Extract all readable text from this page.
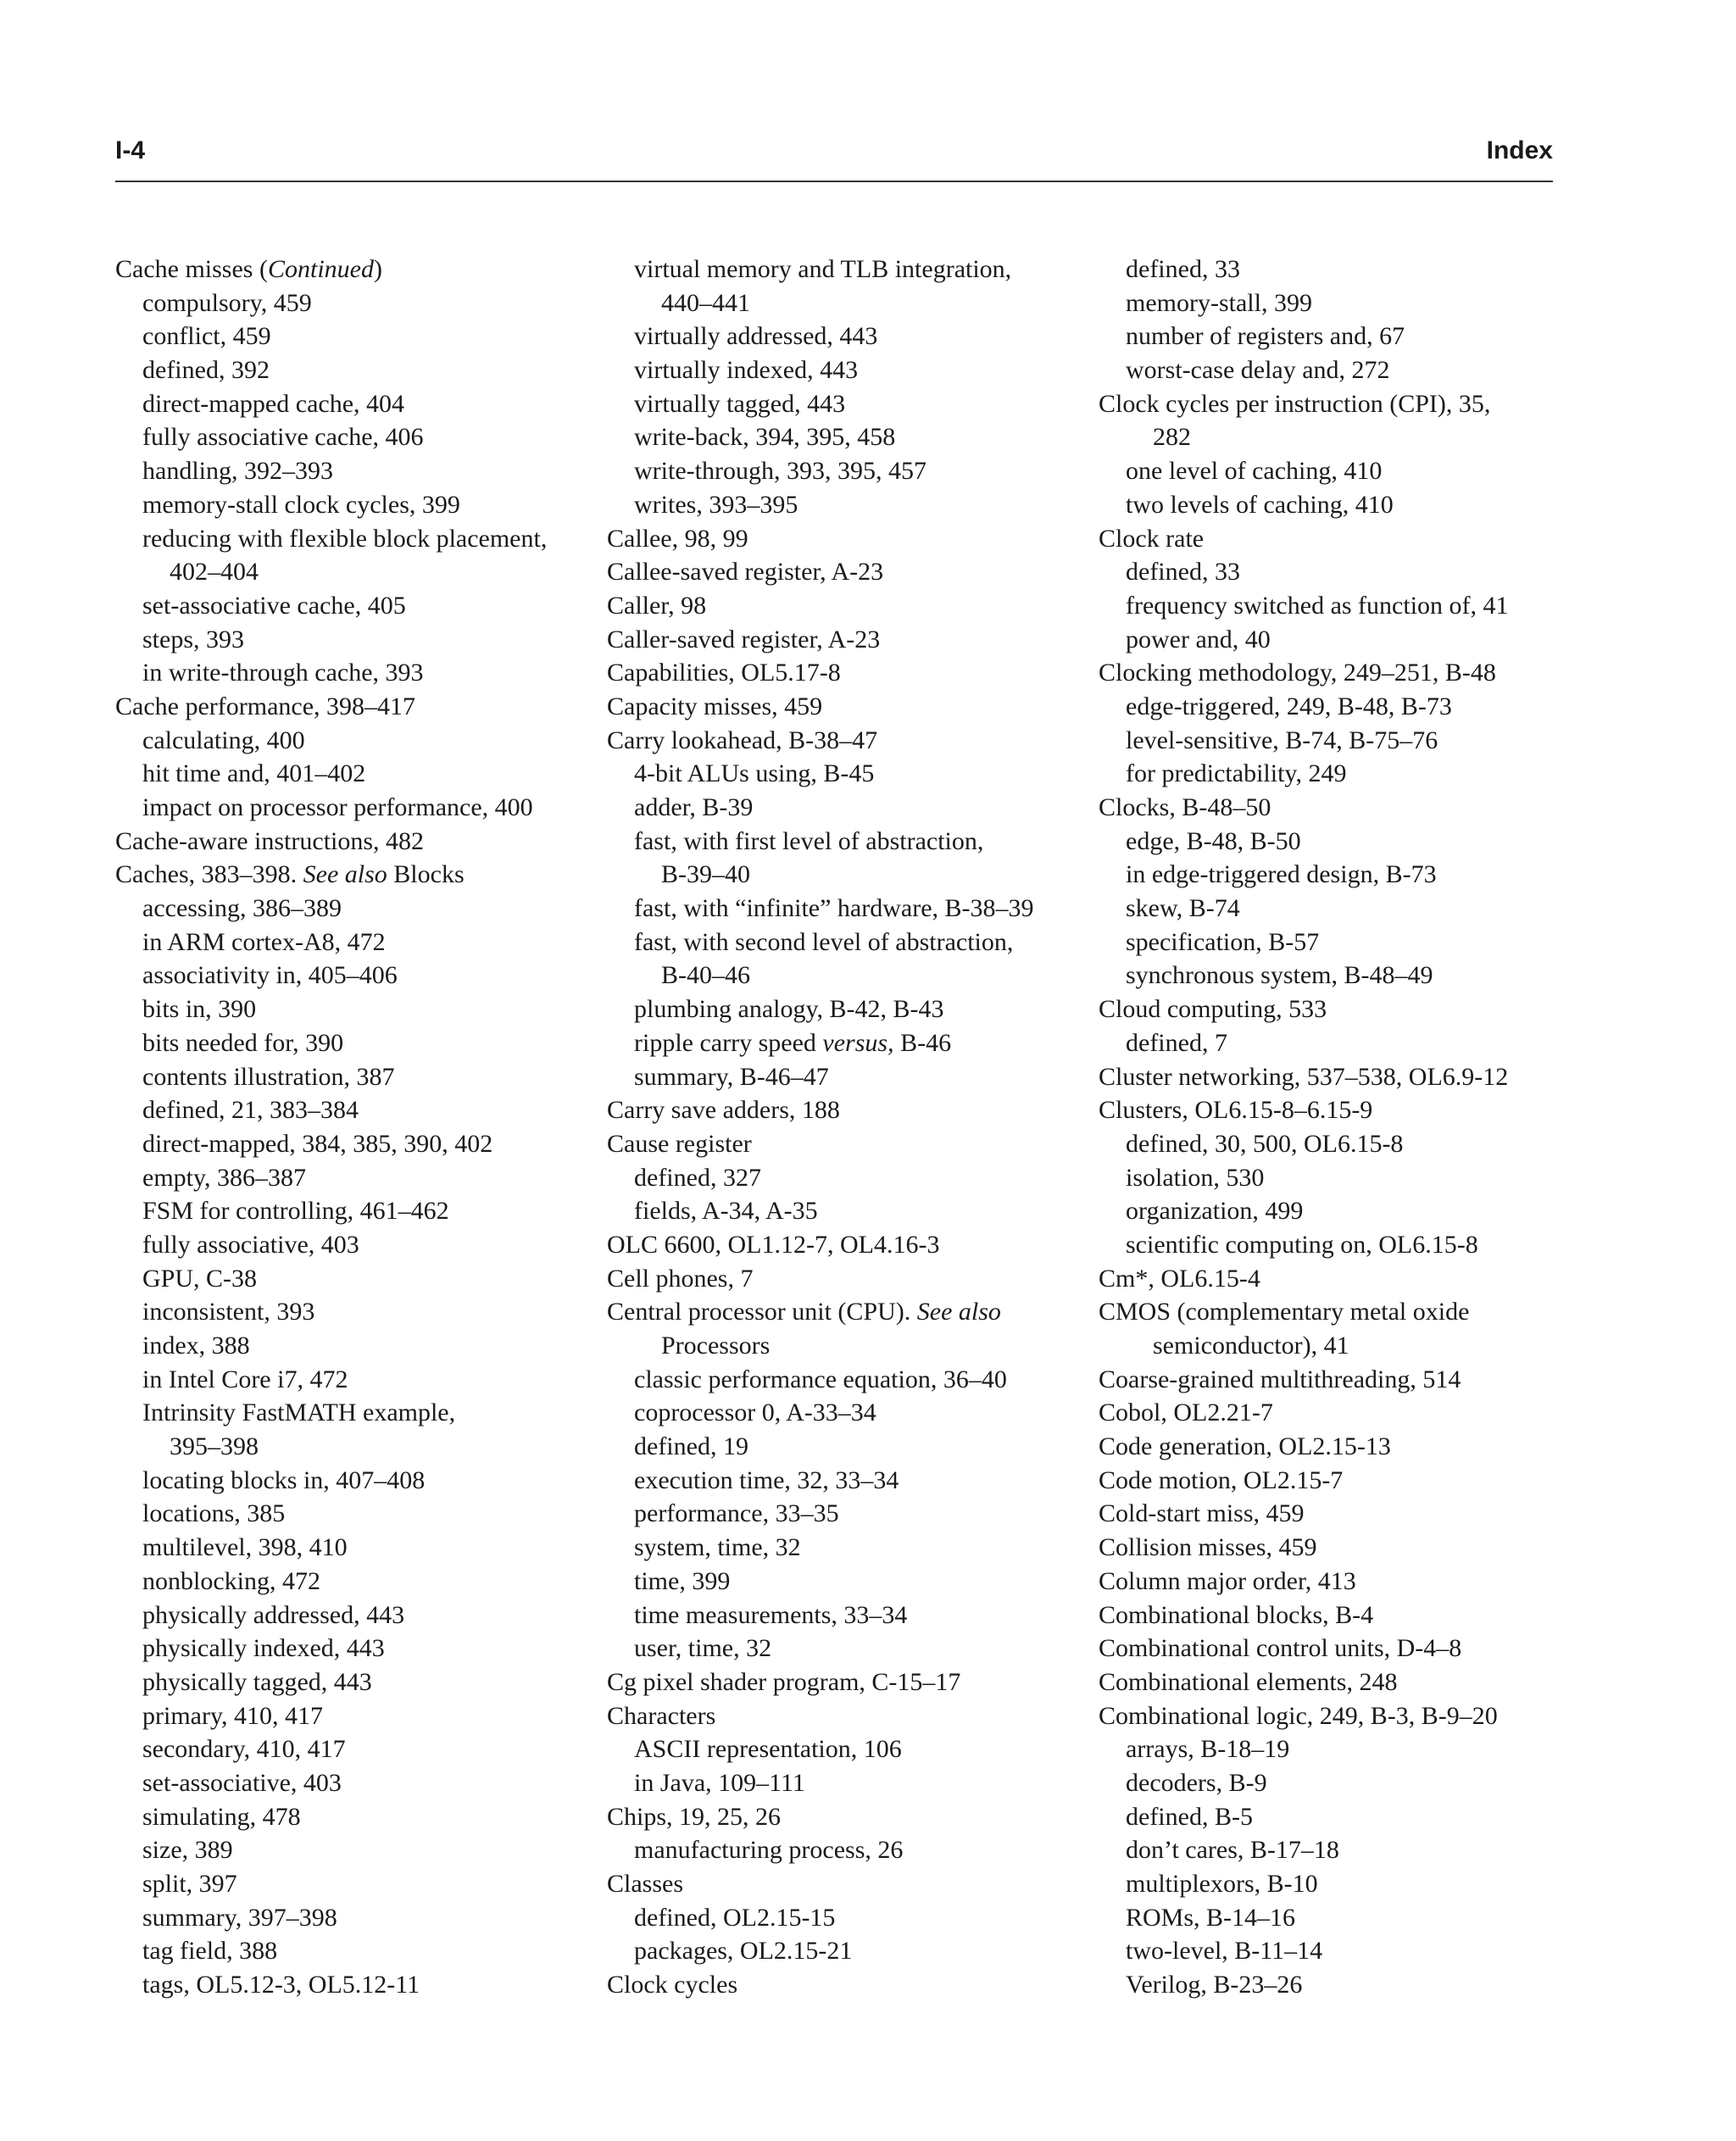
I-4	Index
Cache misses (Continued)
compulsory, 459
conflict, 459
defined, 392
direct-mapped cache, 404
fully associative cache, 406
handling, 392–393
memory-stall clock cycles, 399
reducing with flexible block placement,
402–404
set-associative cache, 405
steps, 393
in write-through cache, 393
Cache performance, 398–417
calculating, 400
hit time and, 401–402
impact on processor performance, 400
Cache-aware instructions, 482
Caches, 383–398. See also Blocks
accessing, 386–389
in ARM cortex-A8, 472
associativity in, 405–406
bits in, 390
bits needed for, 390
contents illustration, 387
defined, 21, 383–384
direct-mapped, 384, 385, 390, 402
empty, 386–387
FSM for controlling, 461–462
fully associative, 403
GPU, C-38
inconsistent, 393
index, 388
in Intel Core i7, 472
Intrinsity FastMATH example,
395–398
locating blocks in, 407–408
locations, 385
multilevel, 398, 410
nonblocking, 472
physically addressed, 443
physically indexed, 443
physically tagged, 443
primary, 410, 417
secondary, 410, 417
set-associative, 403
simulating, 478
size, 389
split, 397
summary, 397–398
tag field, 388
tags, OL5.12-3, OL5.12-11
virtual memory and TLB integration,
440–441
virtually addressed, 443
virtually indexed, 443
virtually tagged, 443
write-back, 394, 395, 458
write-through, 393, 395, 457
writes, 393–395
Callee, 98, 99
Callee-saved register, A-23
Caller, 98
Caller-saved register, A-23
Capabilities, OL5.17-8
Capacity misses, 459
Carry lookahead, B-38–47
4-bit ALUs using, B-45
adder, B-39
fast, with first level of abstraction,
B-39–40
fast, with “infinite” hardware, B-38–39
fast, with second level of abstraction,
B-40–46
plumbing analogy, B-42, B-43
ripple carry speed versus, B-46
summary, B-46–47
Carry save adders, 188
Cause register
defined, 327
fields, A-34, A-35
OLC 6600, OL1.12-7, OL4.16-3
Cell phones, 7
Central processor unit (CPU). See also
Processors
classic performance equation, 36–40
coprocessor 0, A-33–34
defined, 19
execution time, 32, 33–34
performance, 33–35
system, time, 32
time, 399
time measurements, 33–34
user, time, 32
Cg pixel shader program, C-15–17
Characters
ASCII representation, 106
in Java, 109–111
Chips, 19, 25, 26
manufacturing process, 26
Classes
defined, OL2.15-15
packages, OL2.15-21
Clock cycles
defined, 33
memory-stall, 399
number of registers and, 67
worst-case delay and, 272
Clock cycles per instruction (CPI), 35,
282
one level of caching, 410
two levels of caching, 410
Clock rate
defined, 33
frequency switched as function of, 41
power and, 40
Clocking methodology, 249–251, B-48
edge-triggered, 249, B-48, B-73
level-sensitive, B-74, B-75–76
for predictability, 249
Clocks, B-48–50
edge, B-48, B-50
in edge-triggered design, B-73
skew, B-74
specification, B-57
synchronous system, B-48–49
Cloud computing, 533
defined, 7
Cluster networking, 537–538, OL6.9-12
Clusters, OL6.15-8–6.15-9
defined, 30, 500, OL6.15-8
isolation, 530
organization, 499
scientific computing on, OL6.15-8
Cm*, OL6.15-4
CMOS (complementary metal oxide
semiconductor), 41
Coarse-grained multithreading, 514
Cobol, OL2.21-7
Code generation, OL2.15-13
Code motion, OL2.15-7
Cold-start miss, 459
Collision misses, 459
Column major order, 413
Combinational blocks, B-4
Combinational control units, D-4–8
Combinational elements, 248
Combinational logic, 249, B-3, B-9–20
arrays, B-18–19
decoders, B-9
defined, B-5
don’t cares, B-17–18
multiplexors, B-10
ROMs, B-14–16
two-level, B-11–14
Verilog, B-23–26
